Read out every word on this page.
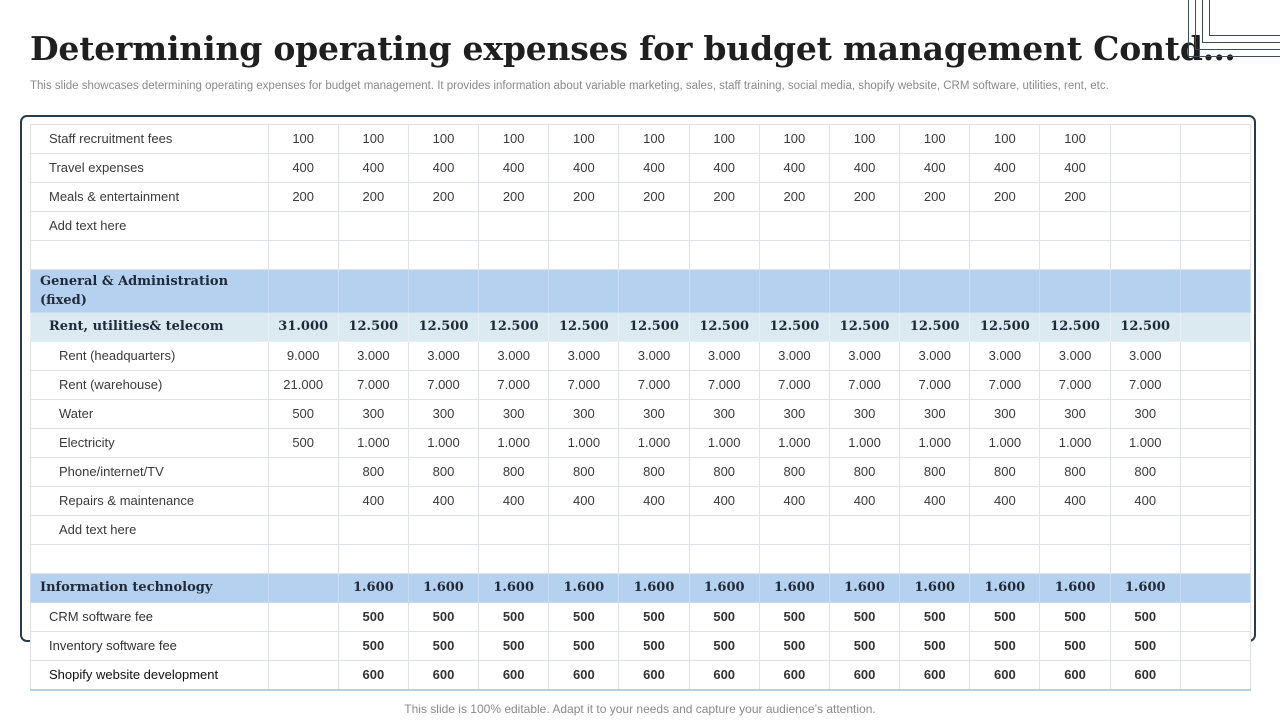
Determining operating expenses for budget management Contd…
This slide showcases determining operating expenses for budget management. It provides information about variable marketing, sales, staff training, social media, shopify website, CRM software, utilities, rent, etc.
Staff recruitment fees	100	100	100	100	100	100	100	100	100	100	100	100		
Travel expenses	400	400	400	400	400	400	400	400	400	400	400	400		
Meals & entertainment	200	200	200	200	200	200	200	200	200	200	200	200		
Add text here														

General & Administration (fixed)														
Rent, utilities& telecom	31.000	12.500	12.500	12.500	12.500	12.500	12.500	12.500	12.500	12.500	12.500	12.500	12.500	
Rent (headquarters)	9.000	3.000	3.000	3.000	3.000	3.000	3.000	3.000	3.000	3.000	3.000	3.000	3.000	
Rent (warehouse)	21.000	7.000	7.000	7.000	7.000	7.000	7.000	7.000	7.000	7.000	7.000	7.000	7.000	
Water	500	300	300	300	300	300	300	300	300	300	300	300	300	
Electricity	500	1.000	1.000	1.000	1.000	1.000	1.000	1.000	1.000	1.000	1.000	1.000	1.000	
Phone/internet/TV		800	800	800	800	800	800	800	800	800	800	800	800	
Repairs & maintenance		400	400	400	400	400	400	400	400	400	400	400	400	
Add text here														

Information technology		1.600	1.600	1.600	1.600	1.600	1.600	1.600	1.600	1.600	1.600	1.600	1.600	
CRM software fee		500	500	500	500	500	500	500	500	500	500	500	500	
Inventory software fee		500	500	500	500	500	500	500	500	500	500	500	500	
Shopify website development		600	600	600	600	600	600	600	600	600	600	600	600	
This slide is 100% editable. Adapt it to your needs and capture your audience’s attention.
